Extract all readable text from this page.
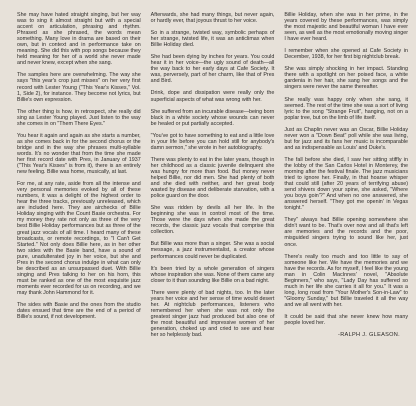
She may have hated straight singing, but her way was to sing it almost straight but with a special accent on articulation, phrasing and rhythm. Phrased as she phrased, the words mean something. Many love in drama are based on their own, but in context and in performance take on meaning. She did this with pop songs because they held meaning for her of a world she never made and never knew, except when she sang.

The samples here are overwhelming. The way she says "this year's crop just misses" on her very first record with Lester Young ("This Year's Kisses," Vol. 1, Side 2), for instance. They become not lyrics, but Billie's own expression.

The other thing is how, in retrospect, she really did sing as Lester Young played. Just listen to the way she comes in on "Them There Eyes."

You hear it again and again as she starts a number, as she comes back in for the second chorus or the bridge and in the way she phrases multi-syllable words. It's no wonder that from the time she made her first record date with Pres, in January of 1937 ("This Year's Kisses" is from it), there is an entirely new feeling. Billie was home, musically, at last.

For me, at any rate, aside from all the intense and very personal memories evoked by all of these numbers, it was a delight of the highest order to hear the three tracks, previously unreleased, which are included here. They are airchecks of Billie Holiday singing with the Count Basie orchestra. For my money they rate not only as three of the very best Billie Holiday performances but as three of the great jazz vocals of all time. I heard many of these broadcasts, or remote recordings, to "I Can't Get Started." Not only does Billie here, as in her other two sides with the Basie band, have a sound of pure, unadulterated joy in her voice, but she and Pres in the second chorus indulge in what can only be described as an unsurpassed duet. With Billie singing and Pres talking to her on his horn, this must be ranked as one of the most exquisite jazz moments ever recorded for us on recording, and we may thank John Hammond for it.

The sides with Basie and the ones from the studio dates ensued that time are the end of a period of Billie's sound, if not development.

Afterwards, she had many things, but never again, or hardly ever, that joyous thrust to her voice.

So in a strange, twisted way, symbolic perhaps of her strange, twisted life, it was an anticlimax when Billie Holiday died.

She had been dying by inches for years. You could hear it in her voice—the ugly sound of death—all the way back to her early days at Cafe Society. It was, perversely, part of her charm, like that of Pres and Bird.

Drink, dope and dissipation were really only the superficial aspects of what was wrong with her.

She suffered from an incurable disease—being born black in a white society whose wounds can never be healed or put partially accepted.

"You've got to have something to eat and a little love in your life before you can hold still for anybody's damn sermon," she wrote in her autobiography.

There was plenty to eat in the later years, though in her childhood as a classic juvenile delinquent she was hungry for more than food. But money never helped Billie, nor did men. She had plenty of both and she died with neither, and her great body wasted by disease and deliberate starvation, with a police guard on the door.

She was ridden by devils all her life. In the beginning she was in control most of the time. Those were the days when she made the great records, the classic jazz vocals that comprise this collection.

But Billie was more than a singer. She was a social message, a jazz instrumentalist, a creator whose performances could never be duplicated.

It's been tried by a whole generation of singers whose inspiration she was. None of them came any closer to it than sounding like Billie on a bad night.

There were plenty of bad nights, too. In the later years her voice and her sense of time would desert her. At nightclub performances, listeners who remembered her when she was not only the greatest singer jazz had produced but also one of the most beautiful and impressive women of her generation, choked up and cried to see and hear her so helplessly bad.

Billie Holiday, when she was in her prime, in the years covered by these performances, was simply the most majestic and beautiful woman I have ever seen, as well as the most emotionally moving singer I have ever heard.

I remember when she opened at Cafe Society in December, 1938, for her first big nightclub break.

She was simply shocking in her impact. Standing there with a spotlight on her poised face, a white gardenia in her hair, she sang her songs and the singers were never the same thereafter.

She really was happy only when she sang, it seemed. The rest of the time she was a sort of living lyric to the song "Strange Fruit", hanging, not on a poplar tree, but on the limb of life itself.

Just as Chaplin never was an Oscar, Billie Holiday never won a "Down Beat" poll while she was living, but for jazz and its fans her music is incomparable and as indispensable as Louis' and Duke's.

The fall before she died, I saw her sitting stiffly in the lobby of the San Carlos Hotel in Monterey, the morning after the festival finale. The jazz musicians tried to ignore her. Finally, in that hoarse whisper that could still (after 20 years of terrifying abuse) send shivers down your spine, she asked, "Where you boys goin'?" And when no one answered, she answered herself. "They got me openin' in Vegas tonight."

They" always had Billie opening somewhere she didn't want to be. That's over now and all that's left are memories and the records and the poor, misguided singers trying to sound like her, just once.

There's really too much and too little to say of someone like her. We have the memories and we have the records. As for myself, I feel like the young man in Colin MacInnes' novel, "Absolute Beginners," who says, "Lady Day has suffered so much in her life she carries it all for you." It was a long, long road from "Your Mother's Son-in-Law" to "Gloomy Sunday," but Billie traveled it all the way and we all went with her.

It could be said that she never knew how many people loved her.

-RALPH J. GLEASON.
